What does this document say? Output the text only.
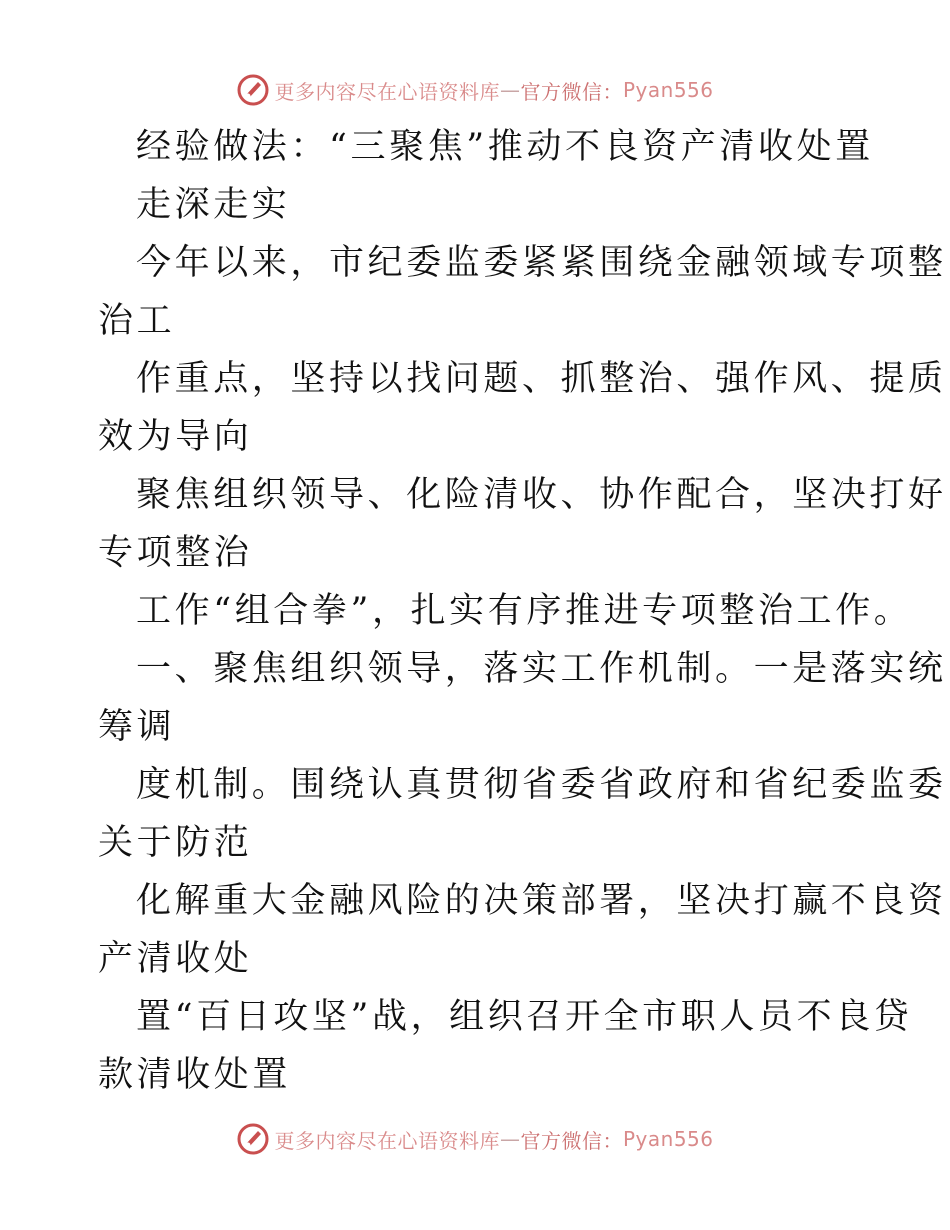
更多内容尽在心语资料库 — 官方微信： Pyan556
经验做法：“三聚焦”推动不良资产清收处置
走深走实
今年以来，市纪委监委紧紧围绕金融领域专项整
治工
作重点，坚持以找问题、抓整治、强作风、提质
效为导向
聚焦组织领导、化险清收、协作配合，坚决打好
专项整治
工作“组合拳”，扎实有序推进专项整治工作。
一、聚焦组织领导，落实工作机制。一是落实统
筹调
度机制。围绕认真贯彻省委省政府和省纪委监委
关于防范
化解重大金融风险的决策部署，坚决打赢不良资
产清收处
置“百日攻坚”战，组织召开全市职人员不良贷
款清收处置
更多内容尽在心语资料库 — 官方微信： Pyan556
